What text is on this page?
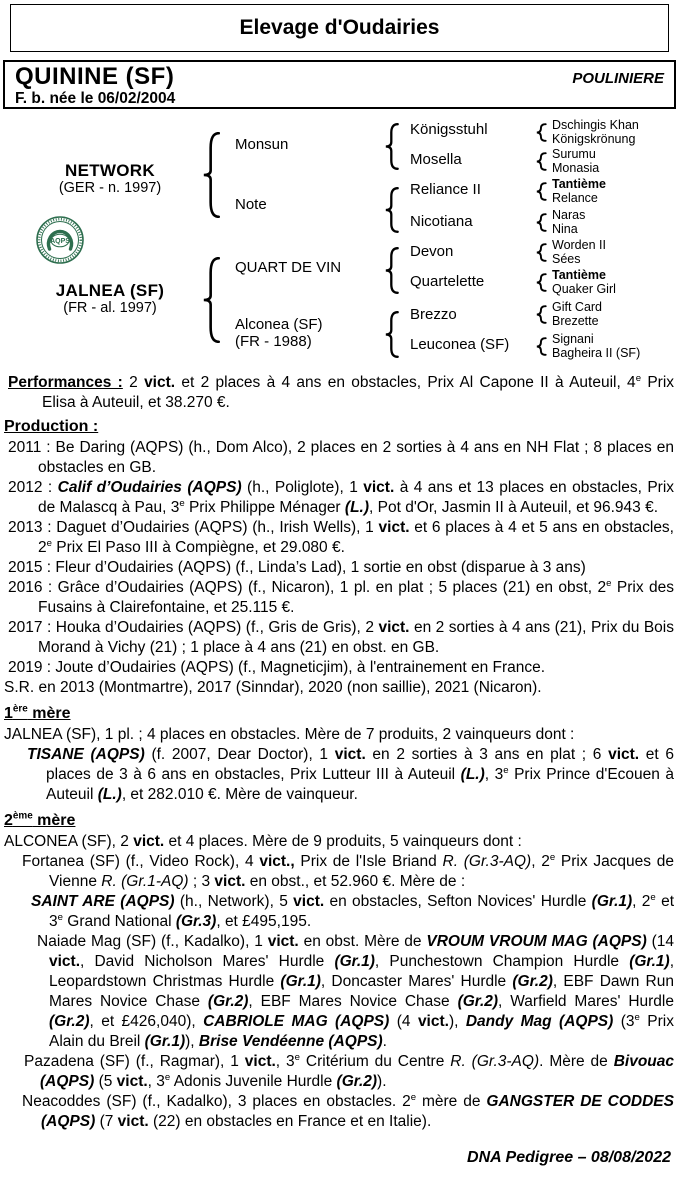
Elevage d'Oudairies
QUININE (SF)	POULINIERE
F. b. née le 06/02/2004
NETWORK
(GER - n. 1997)
AQPS
JALNEA (SF)
(FR - al. 1997)
Monsun
Note
QUART DE VIN
Alconea (SF)
(FR - 1988)
Königsstuhl
Mosella
Reliance II
Nicotiana
Devon
Quartelette
Brezzo
Leuconea (SF)
Dschingis Khan
Königskrönung
Surumu
Monasia
Tantième
Relance
Naras
Nina
Worden II
Sées
Tantième
Quaker Girl
Gift Card
Brezette
Signani
Bagheira II (SF)

Performances : 2 vict. et 2 places à 4 ans en obstacles, Prix Al Capone II à Auteuil, 4e Prix Elisa à Auteuil, et 38.270 €.

Production :

2011 : Be Daring (AQPS) (h., Dom Alco), 2 places en 2 sorties à 4 ans en NH Flat ; 8 places en obstacles en GB.

2012 : Calif d’Oudairies (AQPS) (h., Poliglote), 1 vict. à 4 ans et 13 places en obstacles, Prix de Malascq à Pau, 3e Prix Philippe Ménager (L.), Pot d'Or, Jasmin II à Auteuil, et 96.943 €.

2013 : Daguet d’Oudairies (AQPS) (h., Irish Wells), 1 vict. et 6 places à 4 et 5 ans en obstacles, 2e Prix El Paso III à Compiègne, et 29.080 €.

2015 : Fleur d’Oudairies (AQPS) (f., Linda’s Lad), 1 sortie en obst (disparue à 3 ans)

2016 : Grâce d’Oudairies (AQPS) (f., Nicaron), 1 pl. en plat ; 5 places (21) en obst, 2e Prix des Fusains à Clairefontaine, et 25.115 €.

2017 : Houka d’Oudairies (AQPS) (f., Gris de Gris), 2 vict. en 2 sorties à 4 ans (21), Prix du Bois Morand à Vichy (21) ; 1 place à 4 ans (21) en obst. en GB.

2019 : Joute d’Oudairies (AQPS) (f., Magneticjim), à l'entrainement en France.

S.R. en 2013 (Montmartre), 2017 (Sinndar), 2020 (non saillie), 2021 (Nicaron).

1ère mère

JALNEA (SF), 1 pl. ; 4 places en obstacles. Mère de 7 produits, 2 vainqueurs dont :

TISANE (AQPS) (f. 2007, Dear Doctor), 1 vict. en 2 sorties à 3 ans en plat ; 6 vict. et 6 places de 3 à 6 ans en obstacles, Prix Lutteur III à Auteuil (L.), 3e Prix Prince d'Ecouen à Auteuil (L.), et 282.010 €. Mère de vainqueur.

2ème mère

ALCONEA (SF), 2 vict. et 4 places. Mère de 9 produits, 5 vainqueurs dont :

Fortanea (SF) (f., Video Rock), 4 vict., Prix de l'Isle Briand R. (Gr.3-AQ), 2e Prix Jacques de Vienne R. (Gr.1-AQ) ; 3 vict. en obst., et 52.960 €. Mère de :

SAINT ARE (AQPS) (h., Network), 5 vict. en obstacles, Sefton Novices' Hurdle (Gr.1), 2e et 3e Grand National (Gr.3), et £495,195.

Naiade Mag (SF) (f., Kadalko), 1 vict. en obst. Mère de VROUM VROUM MAG (AQPS) (14 vict., David Nicholson Mares' Hurdle (Gr.1), Punchestown Champion Hurdle (Gr.1), Leopardstown Christmas Hurdle (Gr.1), Doncaster Mares' Hurdle (Gr.2), EBF Dawn Run Mares Novice Chase (Gr.2), EBF Mares Novice Chase (Gr.2), Warfield Mares' Hurdle (Gr.2), et £426,040), CABRIOLE MAG (AQPS) (4 vict.), Dandy Mag (AQPS) (3e Prix Alain du Breil (Gr.1)), Brise Vendéenne (AQPS).

Pazadena (SF) (f., Ragmar), 1 vict., 3e Critérium du Centre R. (Gr.3-AQ). Mère de Bivouac (AQPS) (5 vict., 3e Adonis Juvenile Hurdle (Gr.2)).

Neacoddes (SF) (f., Kadalko), 3 places en obstacles. 2e mère de GANGSTER DE CODDES (AQPS) (7 vict. (22) en obstacles en France et en Italie).

DNA Pedigree – 08/08/2022
